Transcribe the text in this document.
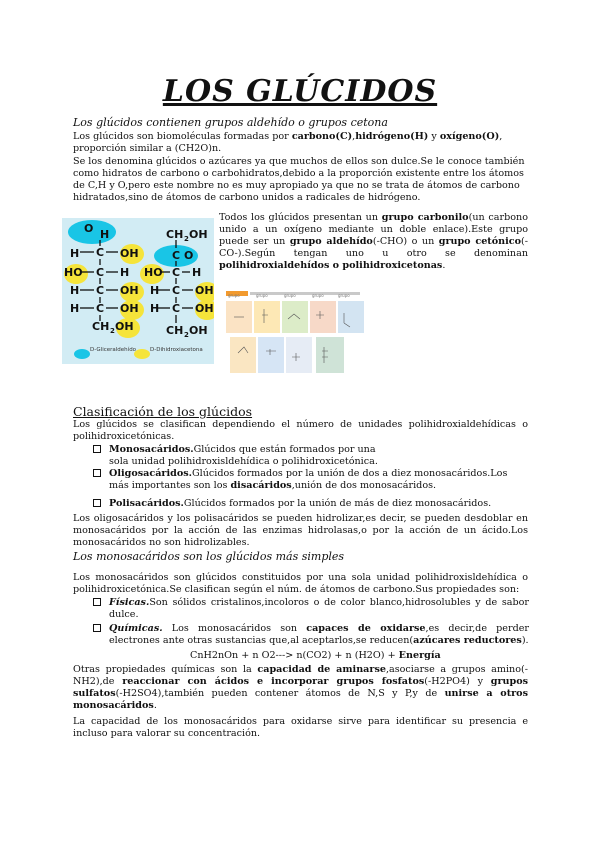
LOS GLÚCIDOS
Los glúcidos contienen grupos aldehído o grupos cetona
Los glúcidos son biomoléculas formadas por carbono(C),hidrógeno(H) y oxígeno(O),
proporción similar a (CH2O)n.
Se los denomina glúcidos o azúcares ya que muchos de ellos son dulce.Se le conoce también como hidratos de carbono o carbohidratos,debido a la proporción existente entre los átomos de C,H y O,pero este nombre no es muy apropiado ya que no se trata de átomos de carbono hidratados,sino de átomos de carbono unidos a radicales de hidrógeno.
O H
C OH
H
HO C H
H C OH
H C OH
CH 2 OH
CH 2 OH
C O
HO C H
H C OH
H C OH
CH 2 OH
D-Gliceraldehído	D-Dihidroxiacetona
Todos los glúcidos presentan un grupo carbonilo(un carbono unido a un oxígeno mediante un doble enlace).Este grupo puede ser un grupo aldehído(-CHO) o un grupo cetónico(-CO-).Según tengan uno u otro se denominan polihidroxialdehídos o polihidroxicetonas.
grupo	grupo	grupo	grupo	grupo
Clasificación de los glúcidos
Los glúcidos se clasifican dependiendo el número de unidades polihidroxialdehídicas o polihidroxicetónicas.
Monosacáridos.Glúcidos que están formados por una sola unidad polihidroxisldehídica o polihidroxicetónica.
Oligosacáridos.Glúcidos formados por la unión de dos a diez monosacáridos.Los más importantes son los disacáridos,unión de dos monosacáridos.
Polisacáridos.Glúcidos formados por la unión de más de diez monosacáridos.
Los oligosacáridos y los polisacáridos se pueden hidrolizar,es decir, se pueden desdoblar en monosacáridos por la acción de las enzimas hidrolasas,o por la acción de un ácido.Los monosacáridos no son hidrolizables.
Los monosacáridos son los glúcidos más simples
Los monosacáridos son glúcidos constituidos por una sola unidad polihidroxisldehídica o polihidroxicetónica.Se clasifican según el núm. de átomos de carbono.Sus propiedades son:
Físicas.Son sólidos cristalinos,incoloros o de color blanco,hidrosolubles y de sabor dulce.
Químicas. Los monosacáridos son capaces de oxidarse,es decir,de perder electrones ante otras sustancias que,al aceptarlos,se reducen(azúcares reductores).
CnH2nOn + n O2---> n(CO2) + n (H2O) + Energía
Otras propiedades químicas son la capacidad de aminarse,asociarse a grupos amino(-NH2),de reaccionar con ácidos e incorporar grupos fosfatos(-H2PO4) y grupos sulfatos(-H2SO4),también pueden contener átomos de N,S y P,y de unirse a otros monosacáridos.
La capacidad de los monosacáridos para oxidarse sirve para identificar su presencia e incluso para valorar su concentración.
